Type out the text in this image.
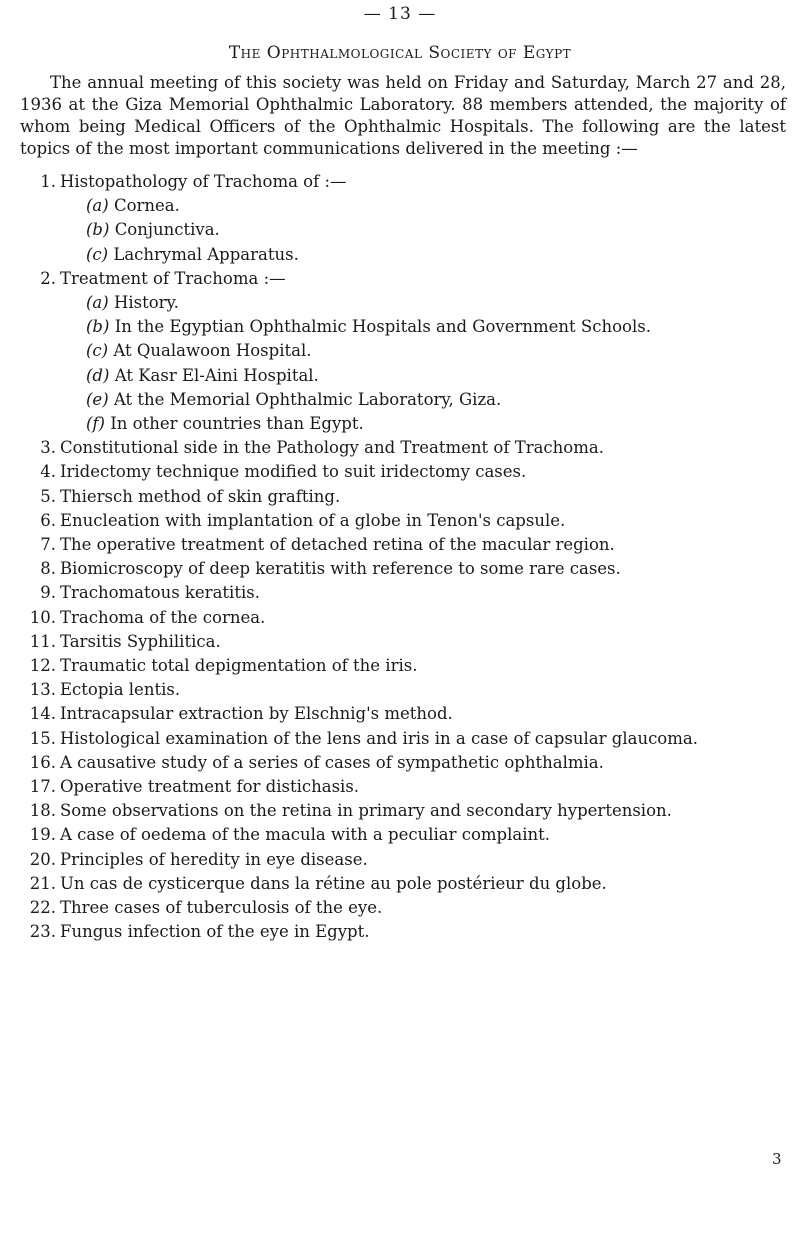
— 13 —
The Ophthalmological Society of Egypt

The annual meeting of this society was held on Friday and Saturday, March 27 and 28, 1936 at the Giza Memorial Ophthalmic Laboratory. 88 members attended, the majority of whom being Medical Officers of the Ophthalmic Hospitals. The following are the latest topics of the most important communications delivered in the meeting :—

1. Histopathology of Trachoma of :—
(a) Cornea.
(b) Conjunctiva.
(c) Lachrymal Apparatus.
2. Treatment of Trachoma :—
(a) History.
(b) In the Egyptian Ophthalmic Hospitals and Government Schools.
(c) At Qualawoon Hospital.
(d) At Kasr El-Aini Hospital.
(e) At the Memorial Ophthalmic Laboratory, Giza.
(f) In other countries than Egypt.
3. Constitutional side in the Pathology and Treatment of Trachoma.
4. Iridectomy technique modified to suit iridectomy cases.
5. Thiersch method of skin grafting.
6. Enucleation with implantation of a globe in Tenon's capsule.
7. The operative treatment of detached retina of the macular region.
8. Biomicroscopy of deep keratitis with reference to some rare cases.
9. Trachomatous keratitis.
10. Trachoma of the cornea.
11. Tarsitis Syphilitica.
12. Traumatic total depigmentation of the iris.
13. Ectopia lentis.
14. Intracapsular extraction by Elschnig's method.
15. Histological examination of the lens and iris in a case of capsular glaucoma.
16. A causative study of a series of cases of sympathetic ophthalmia.
17. Operative treatment for distichasis.
18. Some observations on the retina in primary and secondary hypertension.
19. A case of oedema of the macula with a peculiar complaint.
20. Principles of heredity in eye disease.
21. Un cas de cysticerque dans la rétine au pole postérieur du globe.
22. Three cases of tuberculosis of the eye.
23. Fungus infection of the eye in Egypt.
3
